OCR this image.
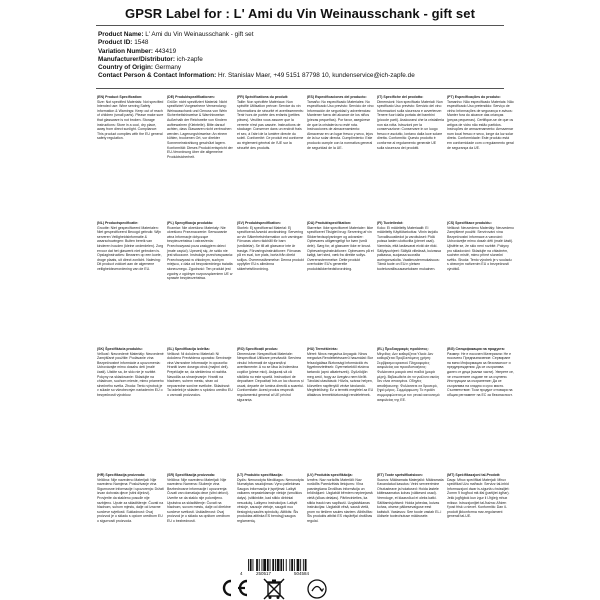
GPSR Label for : L' Ami du Vin Weinausschank - gift set
Product Name: L' Ami du Vin Weinausschank - gift set
Product ID: 1548
Variation Number: 443419
Manufacturer/Distributor: ich-zapfe
Country of Origin: Germany
Contact Person & Contact Information: Hr. Stanislav Maer, +49 5151 87798 10, kundenservice@ich-zapfe.de
(EN) Product Specification:
Size: Not specified Materials: Not specified Intended use: Wine serving Safety information & Warnings: Keep out of reach of children (small parts). Please make sure that glassware is not broken. Storage instructions: Store in a cool, dry place, away from direct sunlight. Compliance: This product complies with the EU general safety regulation.
(DE) Produktspezifikationen:
Größe: nicht spezifiziert Material: Nicht spezifiziert Vorgesehene Verwendung: Weinausschank und Genuss von Wein Sicherheitshinweise & Warnhinweise: Außerhalb der Reichweite von Kindern aufbewahren (Kleinteile). Bitte darauf achten, dass Glaswaren nicht zerbrochen werden. Lagerungshinweise: An einem kühlen, trockenen Ort, vor direkter Sonneneinstrahlung geschützt lagern. Konformität: Dieses Produkt entspricht der EU-Verordnung über die allgemeine Produktsicherheit.
(FR) Spécifications du produit:
Taille: Non spécifiée Matériaux: Non spécifié Utilisation prévue: Service du vin Informations de sécurité et avertissements: Tenir hors de portée des enfants (petites pièces). Veuillez vous assurer que la verrerie n'est pas cassée. Instructions de stockage: Conserver dans un endroit frais et sec, à l'abri de la lumière directe du soleil. Conformité: Ce produit est conforme au règlement général de l'UE sur la sécurité des produits.
(ES) Especificaciones del producto:
Tamaño: No especificado Materiales: No especificado Uso previsto: Servicio de vino Información de seguridad y advertencias: Mantener fuera del alcance de los niños (piezas pequeñas). Por favor, asegúrese de que la cristalería no esté rota. Instrucciones de almacenamiento: Almacenar en un lugar fresco y seco, lejos de la luz solar directa. Cumplimiento: Este producto cumple con la normativa general de seguridad de la UE.
(IT) Specifiche del prodotto:
Dimensioni: Non specificato Materiali: Non specificato Uso previsto: Servizio del vino Informazioni sulla sicurezza e avvertenze: Tenere fuori dalla portata dei bambini (piccole parti). Assicurarsi che la cristalleria non sia rotta. Istruzioni per la conservazione: Conservare in un luogo fresco e asciutto, lontano dalla luce solare diretta. Conformità: Questo prodotto è conforme al regolamento generale UE sulla sicurezza dei prodotti.
(PT) Especificações do produto:
Tamanho: Não especificado Materiais: Não especificado Uso pretendido: Serviço de vinho Informações de segurança e avisos: Manter fora do alcance das crianças (peças pequenas). Certifique-se de que os artigos de vidro não estão partidos. Instruções de armazenamento: Armazenar num local fresco e seco, longe da luz solar direta. Conformidade: Este produto está em conformidade com o regulamento geral de segurança da UE.
(NL) Productspecificatie:
Grootte: Niet gespecificeerd Materialen: Niet gespecificeerd Beoogd gebruik: Wijn serveren Veiligheidsinformatie & waarschuwingen: Buiten bereik van kinderen houden (kleine onderdelen). Zorg ervoor dat het glaswerk niet gebroken is. Opslaginstructies: Bewaren op een koele, droge plaats, uit direct zonlicht. Naleving: Dit product voldoet aan de algemene veiligheidsverordening van de EU.
(PL) Specyfikacja produktu:
Rozmiar: Nie określono Materiały: Nie określono Przeznaczenie: Serwowanie wina Informacje dotyczące bezpieczeństwa i ostrzeżenia: Przechowywać poza zasięgiem dzieci (małe części). Upewnij się, że szkło nie jest stłuczone. Instrukcje przechowywania: Przechowywać w chłodnym, suchym miejscu, z dala od bezpośredniego światła słonecznego. Zgodność: Ten produkt jest zgodny z ogólnym rozporządzeniem UE w sprawie bezpieczeństwa.
(SV) Produktspecifikation:
Storlek: Ej specificerad Material: Ej specificerat Avsedd användning: Servering av vin Säkerhetsinformation och varningar: Förvaras utom räckhåll för barn (smådelar). Se till att glasvaror inte är trasiga. Förvaringsinstruktioner: Förvaras på en sval, torr plats, borta från direkt solljus. Överensstämmelse: Denna produkt uppfyller EU:s allmänna säkerhetsförordning.
(DA) Produktspecifikation:
Størrelse: Ikke specificeret Materialer: Ikke specificeret Tilsigtet brug: Servering af vin Sikkerhedsoplysninger og advarsler: Opbevares utilgængeligt for børn (små dele). Sørg for, at glasvarer ikke er knust. Opbevaringsinstruktioner: Opbevares på et køligt, tørt sted, væk fra direkte sollys. Overensstemmelse: Dette produkt overholder EU's generelle produktsikkerhedsforordning.
(FI) Tuotetiedot:
Koko: Ei määritelty Materiaalit: Ei määritelty Käyttötarkoitus: Viinin tarjoilu Turvallisuustiedot ja varoitukset: Pidä poissa lasten ulottuvilta (pienet osat). Varmista, että lasitavarat eivät ole rikki. Säilytysohjeet: Säilytä viileässä, kuivassa paikassa, suojassa suoralta auringonvalolta. Vaatimustenmukaisuus: Tämä tuote on EU:n yleisen tuoteturvallisuusasetuksen mukainen.
(CS) Specifikace produktu:
Velikost: Neuvedeno Materiály: Neuvedeno Zamýšlené použití: Servírování vína Bezpečnostní informace a varování: Uchovávejte mimo dosah dětí (malé části). Ujistěte se, že sklo není rozbité. Pokyny pro skladování: Skladujte na chladném, suchém místě, mimo přímé sluneční světlo. Shoda: Tento výrobek je v souladu s obecným nařízením EU o bezpečnosti výrobků.
(SK) Špecifikácia produktu:
Veľkosť: Neuvedené Materiály: Neuvedené Zamýšľané použitie: Podávanie vína Bezpečnostné informácie a upozornenia: Uchovávajte mimo dosahu detí (malé časti). Uistite sa, že sklo nie je rozbité. Pokyny na skladovanie: Skladujte na chladnom, suchom mieste, mimo priameho slnečného svetla. Zhoda: Tento výrobok je v súlade so všeobecným nariadením EÚ o bezpečnosti výrobkov.
(SL) Specifikacija izdelka:
Velikost: Ni določeno Materiali: Ni določeno Predvidena uporaba: Serviranje vina Varnostne informacije in opozorila: Hraniti izven dosega otrok (majhni deli). Prepričajte se, da steklenina ni razbita. Navodila za shranjevanje: Hraniti na hladnem, suhem mestu, stran od neposredne sončne svetlobe. Skladnost: Ta izdelek je skladen s splošno uredbo EU o varnosti proizvodov.
(RO) Specificații produs:
Dimensiune: Nespecificat Materiale: Nespecificat Utilizare prevăzută: Servirea vinului Informații de siguranță și avertismente: A nu se lăsa la îndemâna copiilor (piese mici). Asigurați-vă că sticlăria nu este spartă. Instrucțiuni de depozitare: Depozitați într-un loc răcoros și uscat, departe de lumina directă a soarelui. Conformitate: Acest produs respectă regulamentul general al UE privind siguranța.
(HU) Termékleírás:
Méret: Nincs megadva Anyagok: Nincs megadva Rendeltetésszerű használat: Bor felszolgálása Biztonsági információk és figyelmeztetések: Gyermekektől elzárva tartandó (apró alkatrészek). Győződjön meg arról, hogy az üvegáru nem törött. Tárolási utasítások: Hűvös, száraz helyen, közvetlen napfénytől védve tárolandó. Megfelelőség: Ez a termék megfelel az EU általános termékbiztonsági rendeletének.
(EL) Προδιαγραφές προϊόντος:
Μέγεθος: Δεν καθορίζεται Υλικά: Δεν καθορίζεται Προβλεπόμενη χρήση: Σερβίρισμα κρασιού Πληροφορίες ασφαλείας και προειδοποιήσεις: Φυλάσσετε μακριά από παιδιά (μικρά μέρη). Βεβαιωθείτε ότι τα γυάλινα σκεύη δεν είναι σπασμένα. Οδηγίες αποθήκευσης: Φυλάσσετε σε δροσερό, ξηρό μέρος. Συμμόρφωση: Το προϊόν συμμορφώνεται με τον γενικό κανονισμό ασφαλείας της ΕΕ.
(BG) Спецификация на продукта:
Размер: Не е посочен Материали: Не е посочено Предназначение: Сервиране на вино Информация за безопасност и предупреждения: Да се съхранява далеч от деца (малки части). Уверете се, че стъклените съдове не са счупени. Инструкции за съхранение: Да се съхранява на хладно и сухо място. Съответствие: Този продукт отговаря на общия регламент на ЕС за безопасност.
(HR) Specifikacija proizvoda:
Veličina: Nije navedeno Materijali: Nije navedeno Namjena: Posluživanje vina Sigurnosne informacije i upozorenja: Držati izvan dohvata djece (sitni dijelovi). Provjerite da stakleno posuđe nije razbijeno. Upute za skladištenje: Čuvati na hladnom, suhom mjestu, dalje od izravne sunčeve svjetlosti. Sukladnost: Ovaj proizvod je u skladu s općom uredbom EU o sigurnosti proizvoda.
(SR) Specifikacija proizvoda:
Veličina: Nije navedeno Materijali: Nije navedeno Namena: Služenje vina Bezbednosne informacije i upozorenja: Čuvati van domašaja dece (sitni delovi). Uverite se da staklo nije polomljeno. Uputstva za skladištenje: Čuvati na hladnom, suvom mestu, dalje od direktne sunčeve svetlosti. Usklađenost: Ovaj proizvod je u skladu sa opštom uredbom EU o bezbednosti.
(LT) Produkto specifikacija:
Dydis: Nenurodyta Medžiagos: Nenurodyta Numatytas naudojimas: Vyno patiekimas Saugos informacija ir įspėjimai: Laikyti vaikams nepasiekiamoje vietoje (smulkios dalys). Įsitikinkite, kad stiklo dirbiniai nesudužę. Laikymo instrukcijos: Laikyti vėsioje, sausoje vietoje, saugoti nuo tiesioginių saulės spindulių. Atitiktis: Šis produktas atitinka ES bendrąjį saugos reglamentą.
(LV) Produkta specifikācija:
Izmērs: Nav norādīts Materiāli: Nav norādīts Paredzētais lietojums: Vīna pasniegšana Drošības informācija un brīdinājumi: Uzglabāt bērniem nepieejamā vietā (sīkas detaļas). Pārliecinieties, ka stikla trauki nav saplīsuši. Uzglabāšanas instrukcijas: Uzglabāt vēsā, sausā vietā, prom no tiešiem saules stariem. Atbilstība: Šis produkts atbilst ES vispārējai drošības regulai.
(ET) Toote spetsifikatsioon:
Suurus: Määramata Materjalid: Määramata Kavandatud kasutus: Veini serveerimine Ohutusteave ja hoiatused: Hoida lastele kättesaamatus kohas (väikesed osad). Veenduge, et klaasnõud ei oleks katki. Säilitamisjuhised: Hoida jahedas, kuivas kohas, otsese päikesevalguse eest kaitstult. Vastavus: See toode vastab EL-i üldisele tooteohutuse määrusele.
(MT) Speċifikazzjoni tal-Prodott:
Daqs: Mhux speċifikat Materjali: Mhux speċifikat Użu maħsub: Servizz tal-inbid Informazzjoni dwar is-sigurtà u twissijiet: Żomm 'il bogħod mit-tfal (partijiet żgħar). Jekk jogħġbok kun żgur li l-ħġieġ mhux miksur. Istruzzjonijiet tal-ħażna: Aħżen f'post frisk u niexef. Konformità: Dan il-prodott jikkonforma mar-regolament ġenerali tal-UE.
4	250517	504584
